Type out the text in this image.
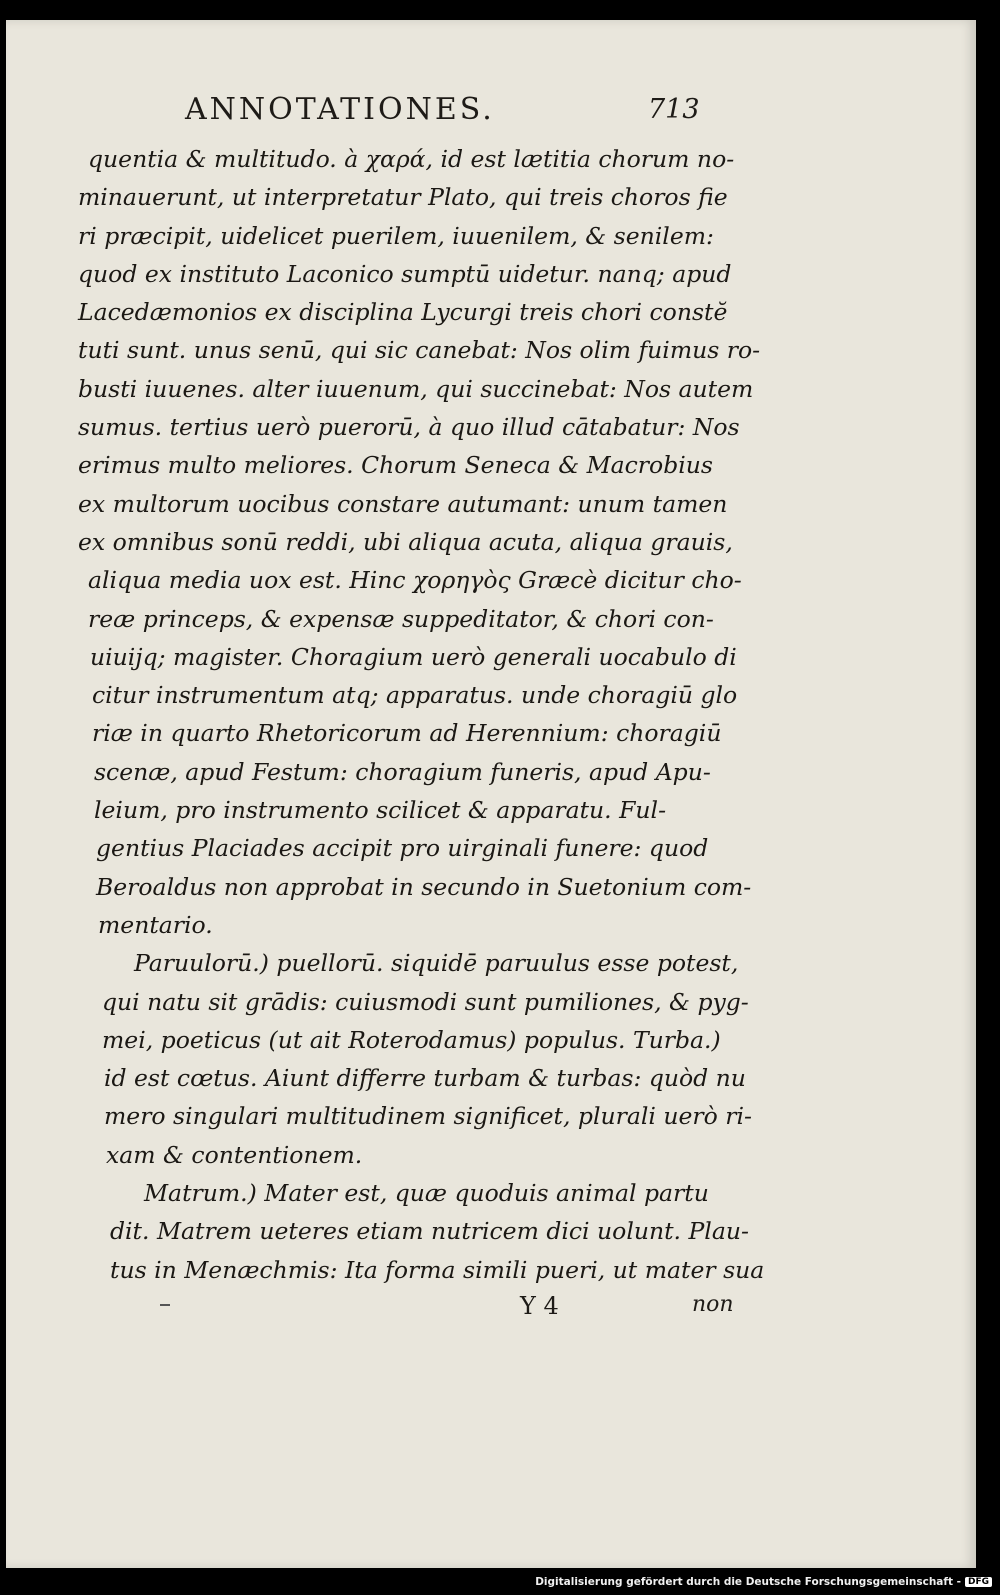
ANNOTATIONES.	713
quentia & multitudo. à χαρά, id est lætitia chorum no-
minauerunt, ut interpretatur Plato, qui treis choros fie
ri præcipit, uidelicet puerilem, iuuenilem, & senilem:
quod ex instituto Laconico sumptū uidetur. nanq; apud
Lacedæmonios ex disciplina Lycurgi treis chori constĕ
tuti sunt. unus senū, qui sic canebat: Nos olim fuimus ro-
busti iuuenes. alter iuuenum, qui succinebat: Nos autem
sumus. tertius uerò puerorū, à quo illud cātabatur: Nos
erimus multo meliores. Chorum Seneca & Macrobius
ex multorum uocibus constare autumant: unum tamen
ex omnibus sonū reddi, ubi aliqua acuta, aliqua grauis,
aliqua media uox est. Hinc χορηγὸς Græcè dicitur cho-
reæ princeps, & expensæ suppeditator, & chori con-
uiuijq; magister. Choragium uerò generali uocabulo di
citur instrumentum atq; apparatus. unde choragiū glo
riæ in quarto Rhetoricorum ad Herennium: choragiū
scenæ, apud Festum: choragium funeris, apud Apu-
leium, pro instrumento scilicet & apparatu. Ful-
gentius Placiades accipit pro uirginali funere: quod
Beroaldus non approbat in secundo in Suetonium com-
mentario.
Paruulorū.) puellorū. siquidē paruulus esse potest,
qui natu sit grādis: cuiusmodi sunt pumiliones, & pyg-
mei, poeticus (ut ait Roterodamus) populus. Turba.)
id est cœtus. Aiunt differre turbam & turbas: quòd nu
mero singulari multitudinem significet, plurali uerò ri-
xam & contentionem.
Matrum.) Mater est, quæ quoduis animal partu
dit. Matrem ueteres etiam nutricem dici uolunt. Plau-
tus in Menæchmis: Ita forma simili pueri, ut mater sua
Y 4	non
Digitalisierung gefördert durch die Deutsche Forschungsgemeinschaft - DFG
